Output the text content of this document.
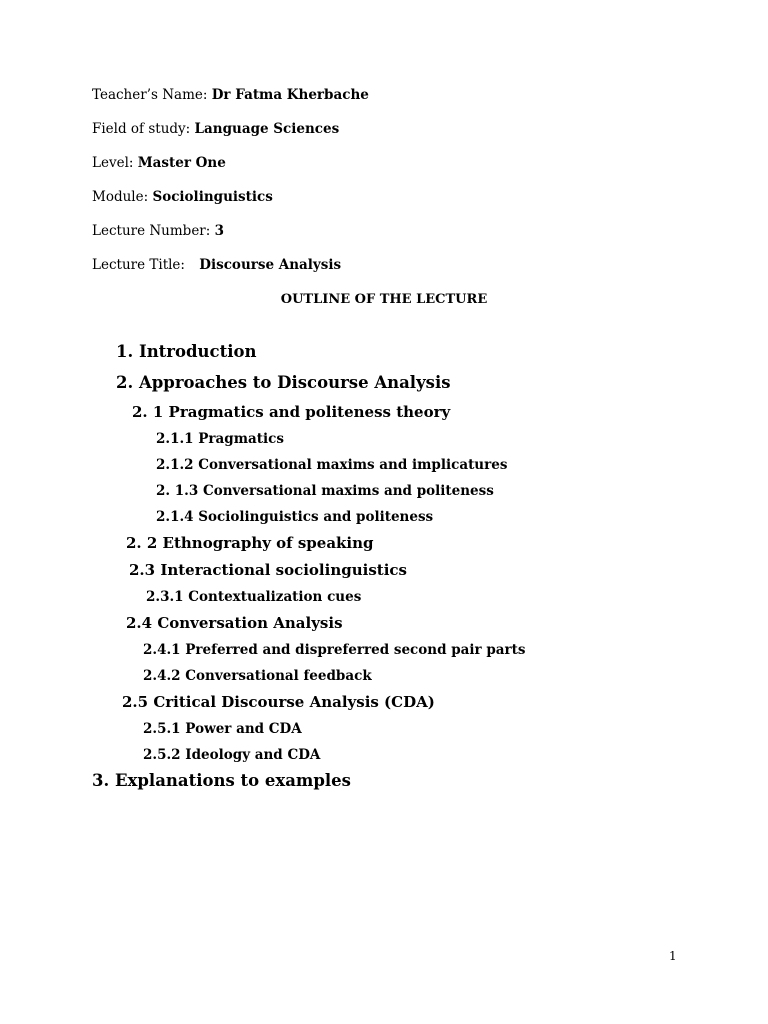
Teacher’s Name: Dr Fatma Kherbache
Field of study: Language Sciences
Level: Master One
Module: Sociolinguistics
Lecture Number: 3
Lecture Title: Discourse Analysis
OUTLINE OF THE LECTURE
1. Introduction
2. Approaches to Discourse Analysis
2. 1 Pragmatics and politeness theory
2.1.1 Pragmatics
2.1.2 Conversational maxims and implicatures
2. 1.3 Conversational maxims and politeness
2.1.4 Sociolinguistics and politeness
2. 2 Ethnography of speaking
2.3 Interactional sociolinguistics
2.3.1 Contextualization cues
2.4 Conversation Analysis
2.4.1 Preferred and dispreferred second pair parts
2.4.2 Conversational feedback
2.5 Critical Discourse Analysis (CDA)
2.5.1 Power and CDA
2.5.2 Ideology and CDA
3. Explanations to examples
1
